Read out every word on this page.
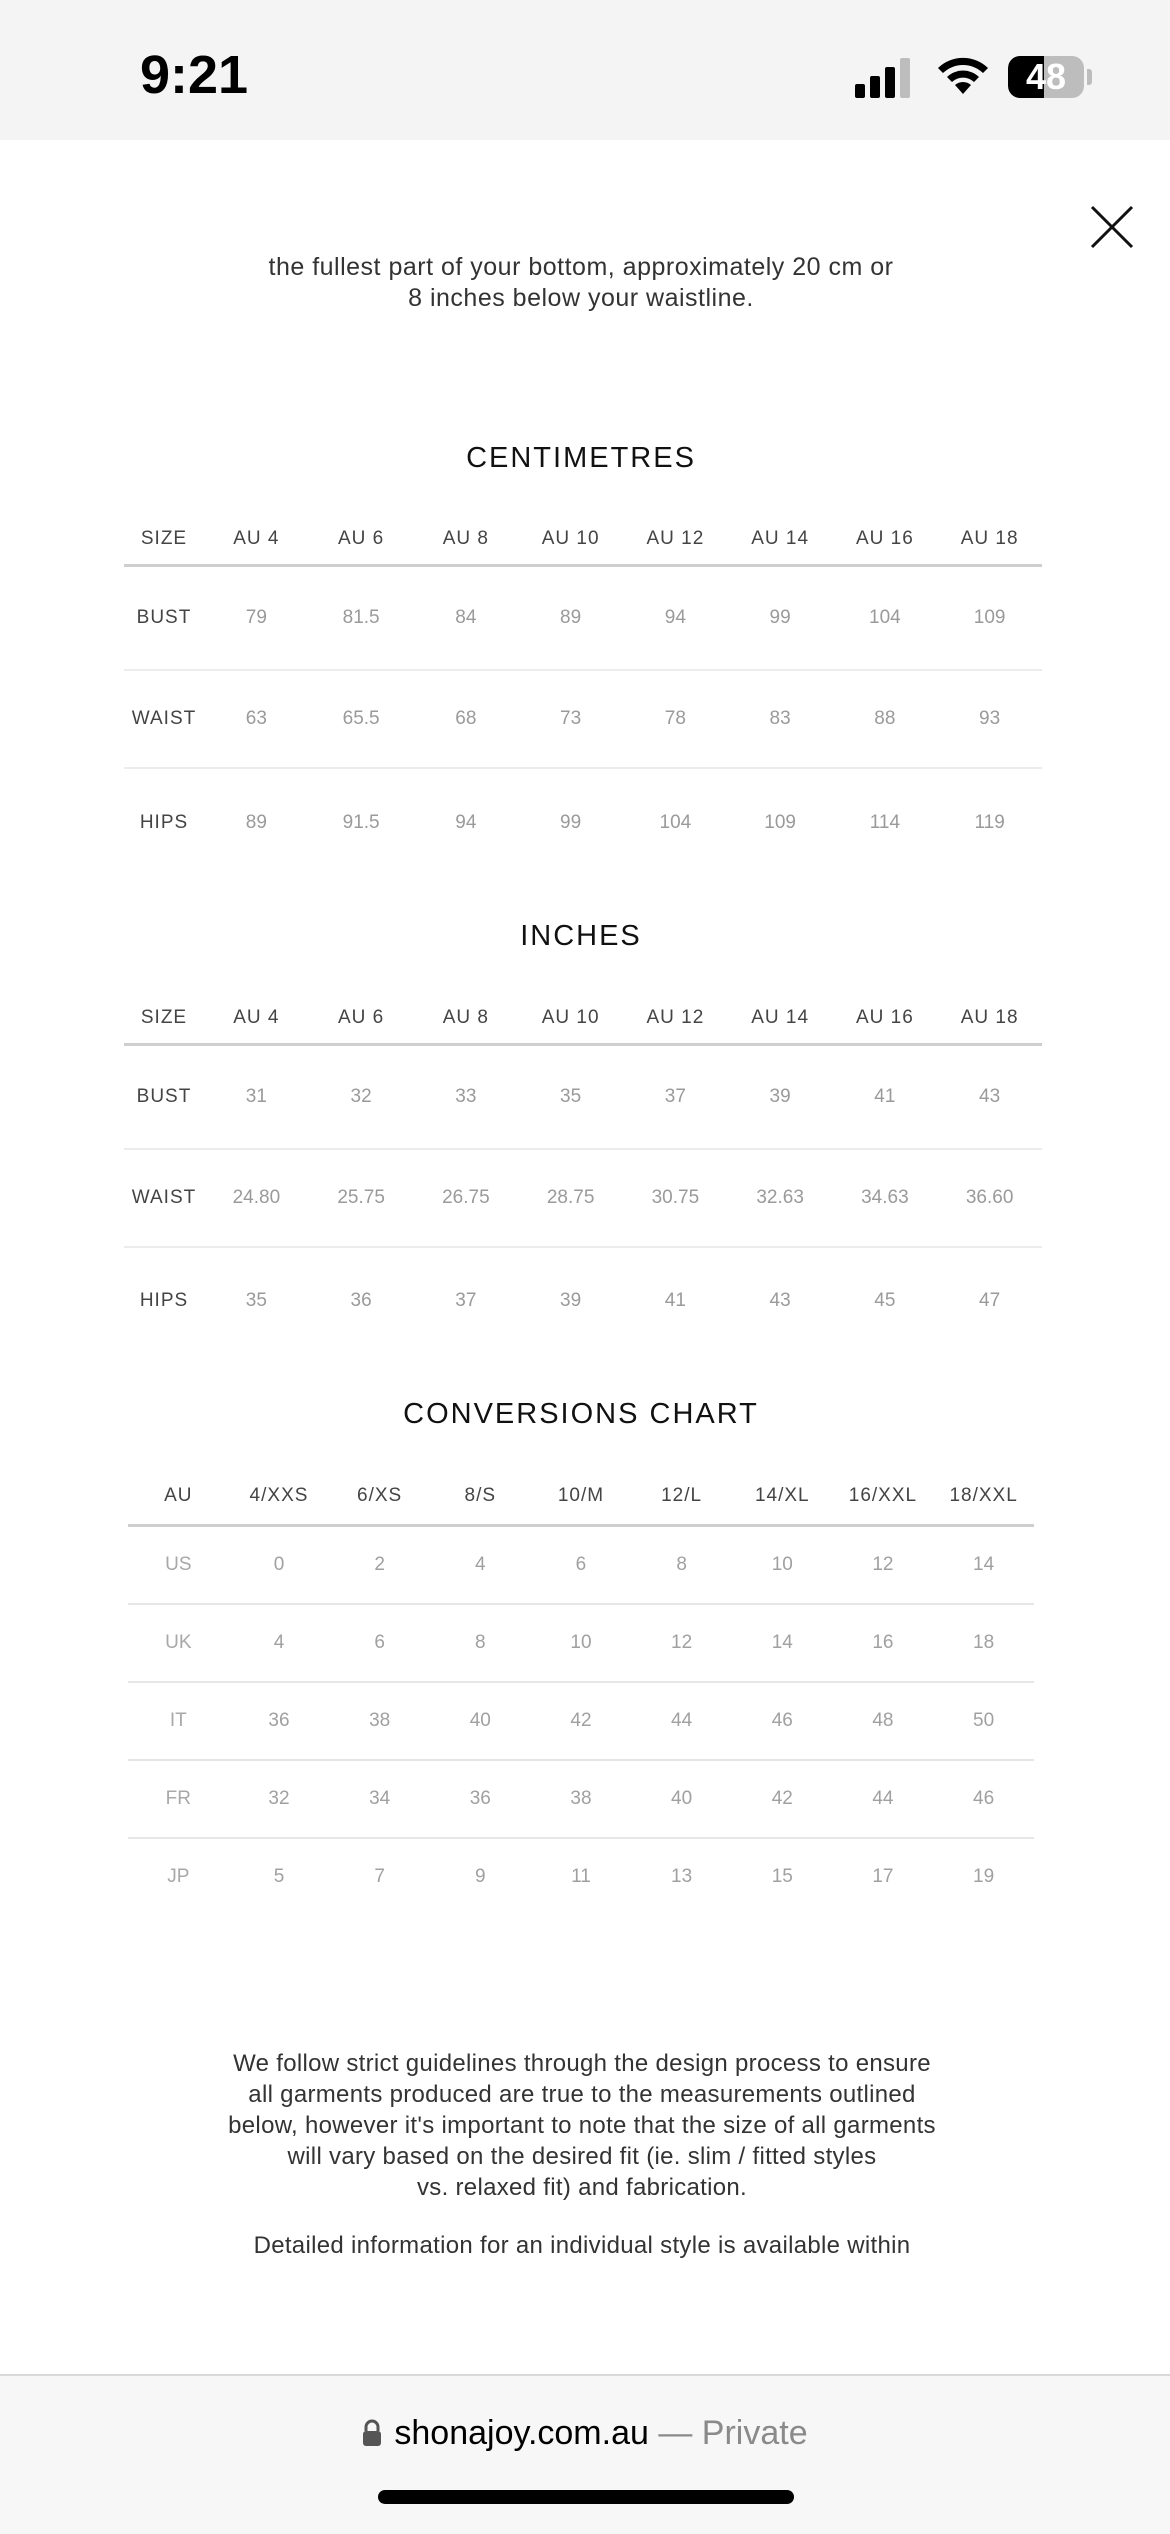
9:21	48
the fullest part of your bottom, approximately 20 cm or
8 inches below your waistline.
CENTIMETRES
SIZE	AU 4	AU 6	AU 8	AU 10	AU 12	AU 14	AU 16	AU 18
BUST	79	81.5	84	89	94	99	104	109
WAIST	63	65.5	68	73	78	83	88	93
HIPS	89	91.5	94	99	104	109	114	119
INCHES
SIZE	AU 4	AU 6	AU 8	AU 10	AU 12	AU 14	AU 16	AU 18
BUST	31	32	33	35	37	39	41	43
WAIST	24.80	25.75	26.75	28.75	30.75	32.63	34.63	36.60
HIPS	35	36	37	39	41	43	45	47
CONVERSIONS CHART
AU	4/XXS	6/XS	8/S	10/M	12/L	14/XL	16/XXL	18/XXL
US	0	2	4	6	8	10	12	14
UK	4	6	8	10	12	14	16	18
IT	36	38	40	42	44	46	48	50
FR	32	34	36	38	40	42	44	46
JP	5	7	9	11	13	15	17	19
We follow strict guidelines through the design process to ensure
all garments produced are true to the measurements outlined
below, however it's important to note that the size of all garments
will vary based on the desired fit (ie. slim / fitted styles
vs. relaxed fit) and fabrication.
Detailed information for an individual style is available within
shonajoy.com.au — Private
